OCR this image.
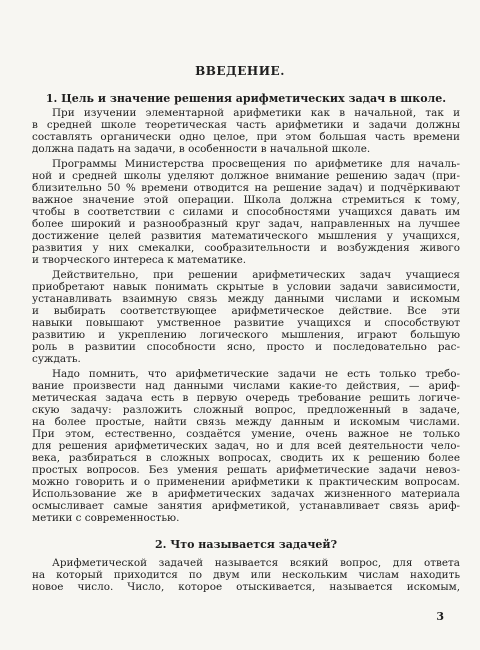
ВВЕДЕНИЕ.
1. Цель и значение решения арифметических задач в школе.
При изучении элементарной арифметики как в начальной, так и
в средней школе теоретическая часть арифметики и задачи должны
составлять органически одно целое, при этом большая часть времени
должна падать на задачи, в особенности в начальной школе.
Программы Министерства просвещения по арифметике для началь-
ной и средней школы уделяют должное внимание решению задач (при-
близительно 50 % времени отводится на решение задач) и подчёркивают
важное значение этой операции. Школа должна стремиться к тому,
чтобы в соответствии с силами и способностями учащихся давать им
более широкий и разнообразный круг задач, направленных на лучшее
достижение целей развития математического мышления у учащихся,
развития у них смекалки, сообразительности и возбуждения живого
и творческого интереса к математике.
Действительно, при решении арифметических задач учащиеся
приобретают навык понимать скрытые в условии задачи зависимости,
устанавливать взаимную связь между данными числами и искомым
и выбирать соответствующее арифметическое действие. Все эти
навыки повышают умственное развитие учащихся и способствуют
развитию и укреплению логического мышления, играют большую
роль в развитии способности ясно, просто и последовательно рас-
суждать.
Надо помнить, что арифметические задачи не есть только требо-
вание произвести над данными числами какие-то действия, — ариф-
метическая задача есть в первую очередь требование решить логиче-
скую задачу: разложить сложный вопрос, предложенный в задаче,
на более простые, найти связь между данным и искомым числами.
При этом, естественно, создаётся умение, очень важное не только
для решения арифметических задач, но и для всей деятельности чело-
века, разбираться в сложных вопросах, сводить их к решению более
простых вопросов. Без умения решать арифметические задачи невоз-
можно говорить и о применении арифметики к практическим вопросам.
Использование же в арифметических задачах жизненного материала
осмысливает самые занятия арифметикой, устанавливает связь ариф-
метики с современностью.
2. Что называется задачей?
Арифметической задачей называется всякий вопрос, для ответа
на который приходится по двум или нескольким числам находить
новое число. Число, которое отыскивается, называется искомым,
3
